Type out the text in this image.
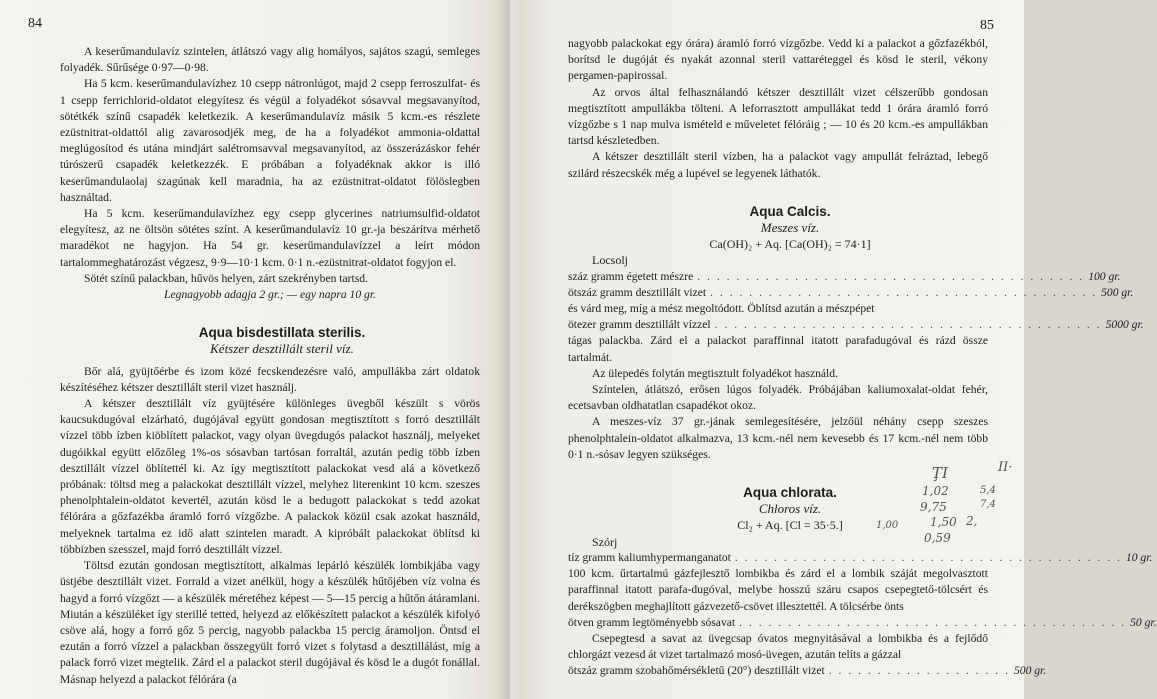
84

A keserűmandulavíz szintelen, átlátszó vagy alig homályos, sajátos szagú, semleges folyadék. Sűrűsége 0·97—0·98.

Ha 5 kcm. keserűmandulavízhez 10 csepp nátronlúgot, majd 2 csepp ferroszulfat- és 1 csepp ferrichlorid-oldatot elegyítesz és végül a folyadékot sósavval megsavanyítod, sötétkék színű csapadék keletkezik. A keserűmandulavíz másik 5 kcm.-es részlete ezüstnitrat-oldattól alig zavarosodjék meg, de ha a folyadékot ammonia-oldattal meglúgosítod és utána mindjárt salétromsavval megsavanyítod, az összerázáskor fehér túrószerű csapadék keletkezzék. E próbában a folyadéknak akkor is illó keserűmandulaolaj szagúnak kell maradnia, ha az ezüstnitrat-oldatot fölöslegben használtad.

Ha 5 kcm. keserűmandulavízhez egy csepp glycerines natriumsulfid-oldatot elegyítesz, az ne öltsön sötétes színt. A keserűmandulavíz 10 gr.-ja beszárítva mérhető maradékot ne hagyjon. Ha 54 gr. keserűmandulavízzel a leírt módon tartalommeghatározást végzesz, 9·9—10·1 kcm. 0·1 n.-ezüstnitrat-oldatot fogyjon el.

Sötét színű palackban, hűvös helyen, zárt szekrényben tartsd.

Legnagyobb adagja 2 gr.; — egy napra 10 gr.

Aqua bisdestillata sterilis.

Kétszer desztillált steril víz.

Bőr alá, gyüjtőérbe és izom közé fecskendezésre való, ampullákba zárt oldatok készítéséhez kétszer desztillált steril vizet használj.

A kétszer desztillált víz gyüjtésére különleges üvegből készült s vörös kaucsukdugóval elzárható, dugójával együtt gondosan megtisztított s forró desztillált vízzel több ízben kiöblített palackot, vagy olyan üvegdugós palackot használj, melyeket dugóikkal együtt előzőleg 1%-os sósavban tartósan forraltál, azután pedig több ízben desztillált vízzel öblítettél ki. Az így megtisztított palackokat vesd alá a következő próbának: töltsd meg a palackokat desztillált vízzel, melyhez literenkint 10 kcm. szeszes phenolphtalein-oldatot kevertél, azután kösd le a bedugott palackokat s tedd azokat félórára a gőzfazékba áramló forró vízgőzbe. A palackok közül csak azokat használd, melyeknek tartalma ez idő alatt szintelen maradt. A kipróbált palackokat öblítsd ki többizben szesszel, majd forró desztillált vízzel.

Töltsd ezután gondosan megtisztított, alkalmas lepárló készülék lombikjába vagy üstjébe desztillált vizet. Forrald a vizet anélkül, hogy a készülék hűtőjében víz volna és hagyd a forró vízgőzt — a készülék méretéhez képest — 5—15 percig a hűtőn átáramlani. Miután a készüléket így sterillé tetted, helyezd az előkészített palackot a készülék kifolyó csöve alá, hogy a forró gőz 5 percig, nagyobb palackba 15 percig áramoljon. Öntsd el ezután a forró vízzel a palackban összegyült forró vizet s folytasd a desztillálást, míg a palack forró vizet megtelik. Zárd el a palackot steril dugójával és kösd le a dugót fonállal. Másnap helyezd a palackot félórára (a

85

nagyobb palackokat egy órára) áramló forró vízgőzbe. Vedd ki a palackot a gőzfazékból, borítsd le dugóját és nyakát azonnal steril vattarétеggel és kösd le steril, vékony pergamen-papirossal.

Az orvos által felhasználandó kétszer desztillált vizet célszerűbb gondosan megtisztított ampullákba tölteni. A leforrasztott ampullákat tedd 1 órára áramló forró vízgőzbe s 1 nap mulva ismételd e műveletet félóráig ; — 10 és 20 kcm.-es ampullákban tartsd készletedben.

A kétszer desztillált steril vízben, ha a palackot vagy ampullát felráztad, lebegő szilárd részecskék még a lupével se legyenek láthatók.

Aqua Calcis.

Meszes víz.

Ca(OH)₂ + Aq. [Ca(OH)₂ = 74·1]

Locsolj

száz gramm égetett mészre . . . . . . . . . . . . . . . . . . . . . . . . . . . . . . . . . . . . . . . . 100 gr.
ötszáz gramm desztillált vizet . . . . . . . . . . . . . . . . . . . . . . . . . . . . . . . . . . . . . . . . 500 gr.

és várd meg, míg a mész megoltódott. Öblítsd azután a mészpépet

ötezer gramm desztillált vízzel . . . . . . . . . . . . . . . . . . . . . . . . . . . . . . . . . . . . . . . . 5000 gr.

tágas palackba. Zárd el a palackot paraffinnal itatott parafadugóval és rázd össze tartalmát.

Az ülepedés folytán megtisztult folyadékot használd.

Színtelen, átlátszó, erősen lúgos folyadék. Próbájában kaliumoxalat-oldat fehér, ecetsavban oldhatatlan csapadékot okoz.

A meszes-víz 37 gr.-jának semlegesítésére, jelzőül néhány csepp szeszes phenolphtalein-oldatot alkalmazva, 13 kcm.-nél nem kevesebb és 17 kcm.-nél nem több 0·1 n.-sósav legyen szükséges.

Aqua chlorata.

Chloros víz.

Cl₂ + Aq. [Cl = 35·5.]

Szórj

tíz gramm kaliumhypermanganatot . . . . . . . . . . . . . . . . . . . . . . . . . . . . . . . . . . . . . . . . 10 gr.

100 kcm. űrtartalmú gázfejlesztő lombikba és zárd el a lombik száját megolvasztott paraffinnal itatott parafa-dugóval, melybe hosszú száru csapos csepegtető-tölcsért és derékszögben meghajlított gázvezető-csövet illesztettél. A tölcsérbe önts

ötven gramm legtöményebb sósavat . . . . . . . . . . . . . . . . . . . . . . . . . . . . . . . . . . . . . . . . 50 gr.

Csepegtesd a savat az üvegcsap óvatos megnyitásával a lombikba és a fejlődő chlorgázt vezesd át vizet tartalmazó mosó-üvegen, azután telíts a gázzal

ötszáz gramm szobahőmérsékletű (20°) desztillált vizet . . . . . . . . . . . . . . . . . . . 500 gr.
ŢI	II·
1,02
9,75
1,50
0,59
1,00	2,
5,4
7,4
